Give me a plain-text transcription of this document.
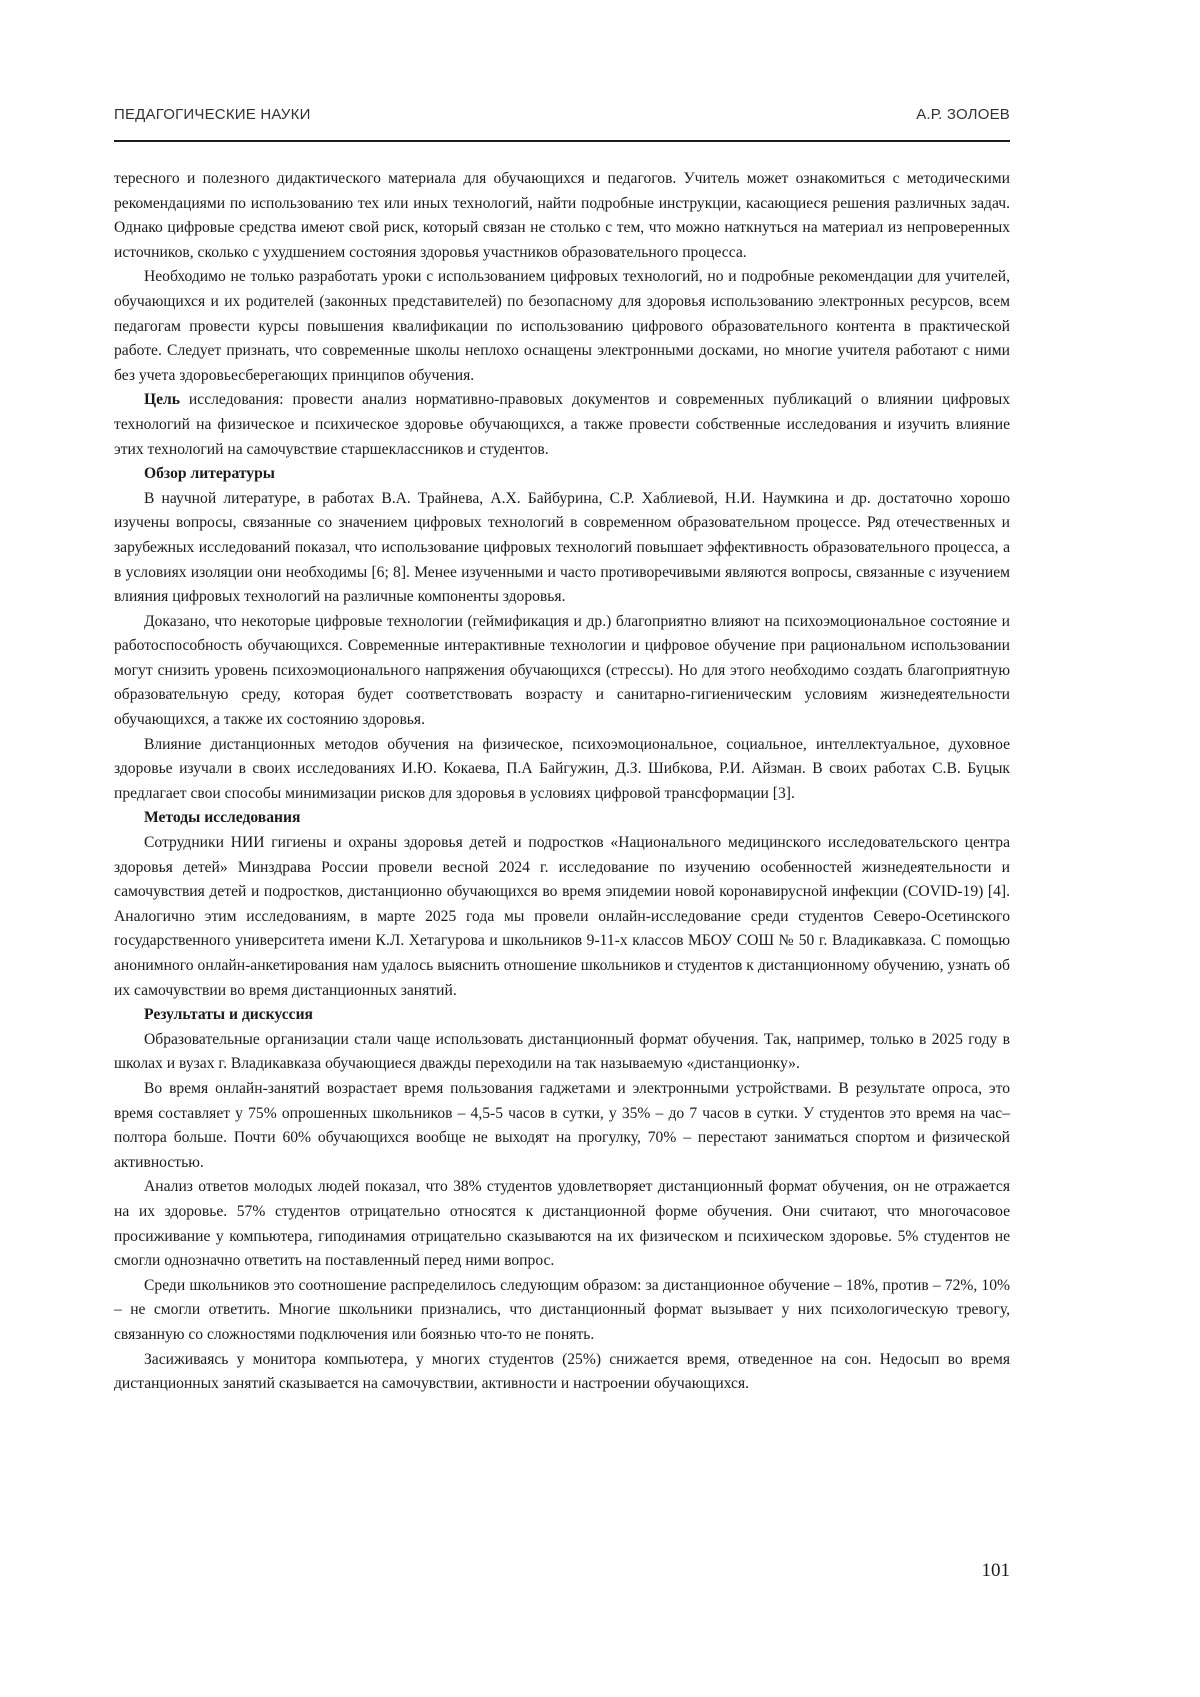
ПЕДАГОГИЧЕСКИЕ НАУКИ	А.Р. ЗОЛОЕВ

тересного и полезного дидактического материала для обучающихся и педагогов. Учитель может ознакомиться с методическими рекомендациями по использованию тех или иных технологий, найти подробные инструкции, касающиеся решения различных задач. Однако цифровые средства имеют свой риск, который связан не столько с тем, что можно наткнуться на материал из непроверенных источников, сколько с ухудшением состояния здоровья участников образовательного процесса.

Необходимо не только разработать уроки с использованием цифровых технологий, но и подробные рекомендации для учителей, обучающихся и их родителей (законных представителей) по безопасному для здоровья использованию электронных ресурсов, всем педагогам провести курсы повышения квалификации по использованию цифрового образовательного контента в практической работе. Следует признать, что современные школы неплохо оснащены электронными досками, но многие учителя работают с ними без учета здоровьесберегающих принципов обучения.

Цель исследования: провести анализ нормативно-правовых документов и современных публикаций о влиянии цифровых технологий на физическое и психическое здоровье обучающихся, а также провести собственные исследования и изучить влияние этих технологий на самочувствие старшеклассников и студентов.

Обзор литературы

В научной литературе, в работах В.А. Трайнева, А.Х. Байбурина, С.Р. Хаблиевой, Н.И. Наумкина и др. достаточно хорошо изучены вопросы, связанные со значением цифровых технологий в современном образовательном процессе. Ряд отечественных и зарубежных исследований показал, что использование цифровых технологий повышает эффективность образовательного процесса, а в условиях изоляции они необходимы [6; 8]. Менее изученными и часто противоречивыми являются вопросы, связанные с изучением влияния цифровых технологий на различные компоненты здоровья.

Доказано, что некоторые цифровые технологии (геймификация и др.) благоприятно влияют на психоэмоциональное состояние и работоспособность обучающихся. Современные интерактивные технологии и цифровое обучение при рациональном использовании могут снизить уровень психоэмоционального напряжения обучающихся (стрессы). Но для этого необходимо создать благоприятную образовательную среду, которая будет соответствовать возрасту и санитарно-гигиеническим условиям жизнедеятельности обучающихся, а также их состоянию здоровья.

Влияние дистанционных методов обучения на физическое, психоэмоциональное, социальное, интеллектуальное, духовное здоровье изучали в своих исследованиях И.Ю. Кокаева, П.А Байгужин, Д.З. Шибкова, Р.И. Айзман. В своих работах С.В. Буцык предлагает свои способы минимизации рисков для здоровья в условиях цифровой трансформации [3].

Методы исследования

Сотрудники НИИ гигиены и охраны здоровья детей и подростков «Национального медицинского исследовательского центра здоровья детей» Минздрава России провели весной 2024 г. исследование по изучению особенностей жизнедеятельности и самочувствия детей и подростков, дистанционно обучающихся во время эпидемии новой коронавирусной инфекции (COVID-19) [4]. Аналогично этим исследованиям, в марте 2025 года мы провели онлайн-исследование среди студентов Северо-Осетинского государственного университета имени К.Л. Хетагурова и школьников 9-11-х классов МБОУ СОШ № 50 г. Владикавказа. С помощью анонимного онлайн-анкетирования нам удалось выяснить отношение школьников и студентов к дистанционному обучению, узнать об их самочувствии во время дистанционных занятий.

Результаты и дискуссия

Образовательные организации стали чаще использовать дистанционный формат обучения. Так, например, только в 2025 году в школах и вузах г. Владикавказа обучающиеся дважды переходили на так называемую «дистанционку».

Во время онлайн-занятий возрастает время пользования гаджетами и электронными устройствами. В результате опроса, это время составляет у 75% опрошенных школьников – 4,5-5 часов в сутки, у 35% – до 7 часов в сутки. У студентов это время на час–полтора больше. Почти 60% обучающихся вообще не выходят на прогулку, 70% – перестают заниматься спортом и физической активностью.

Анализ ответов молодых людей показал, что 38% студентов удовлетворяет дистанционный формат обучения, он не отражается на их здоровье. 57% студентов отрицательно относятся к дистанционной форме обучения. Они считают, что многочасовое просиживание у компьютера, гиподинамия отрицательно сказываются на их физическом и психическом здоровье. 5% студентов не смогли однозначно ответить на поставленный перед ними вопрос.

Среди школьников это соотношение распределилось следующим образом: за дистанционное обучение – 18%, против – 72%, 10% – не смогли ответить. Многие школьники признались, что дистанционный формат вызывает у них психологическую тревогу, связанную со сложностями подключения или боязнью что-то не понять.

Засиживаясь у монитора компьютера, у многих студентов (25%) снижается время, отведенное на сон. Недосып во время дистанционных занятий сказывается на самочувствии, активности и настроении обучающихся.

101
